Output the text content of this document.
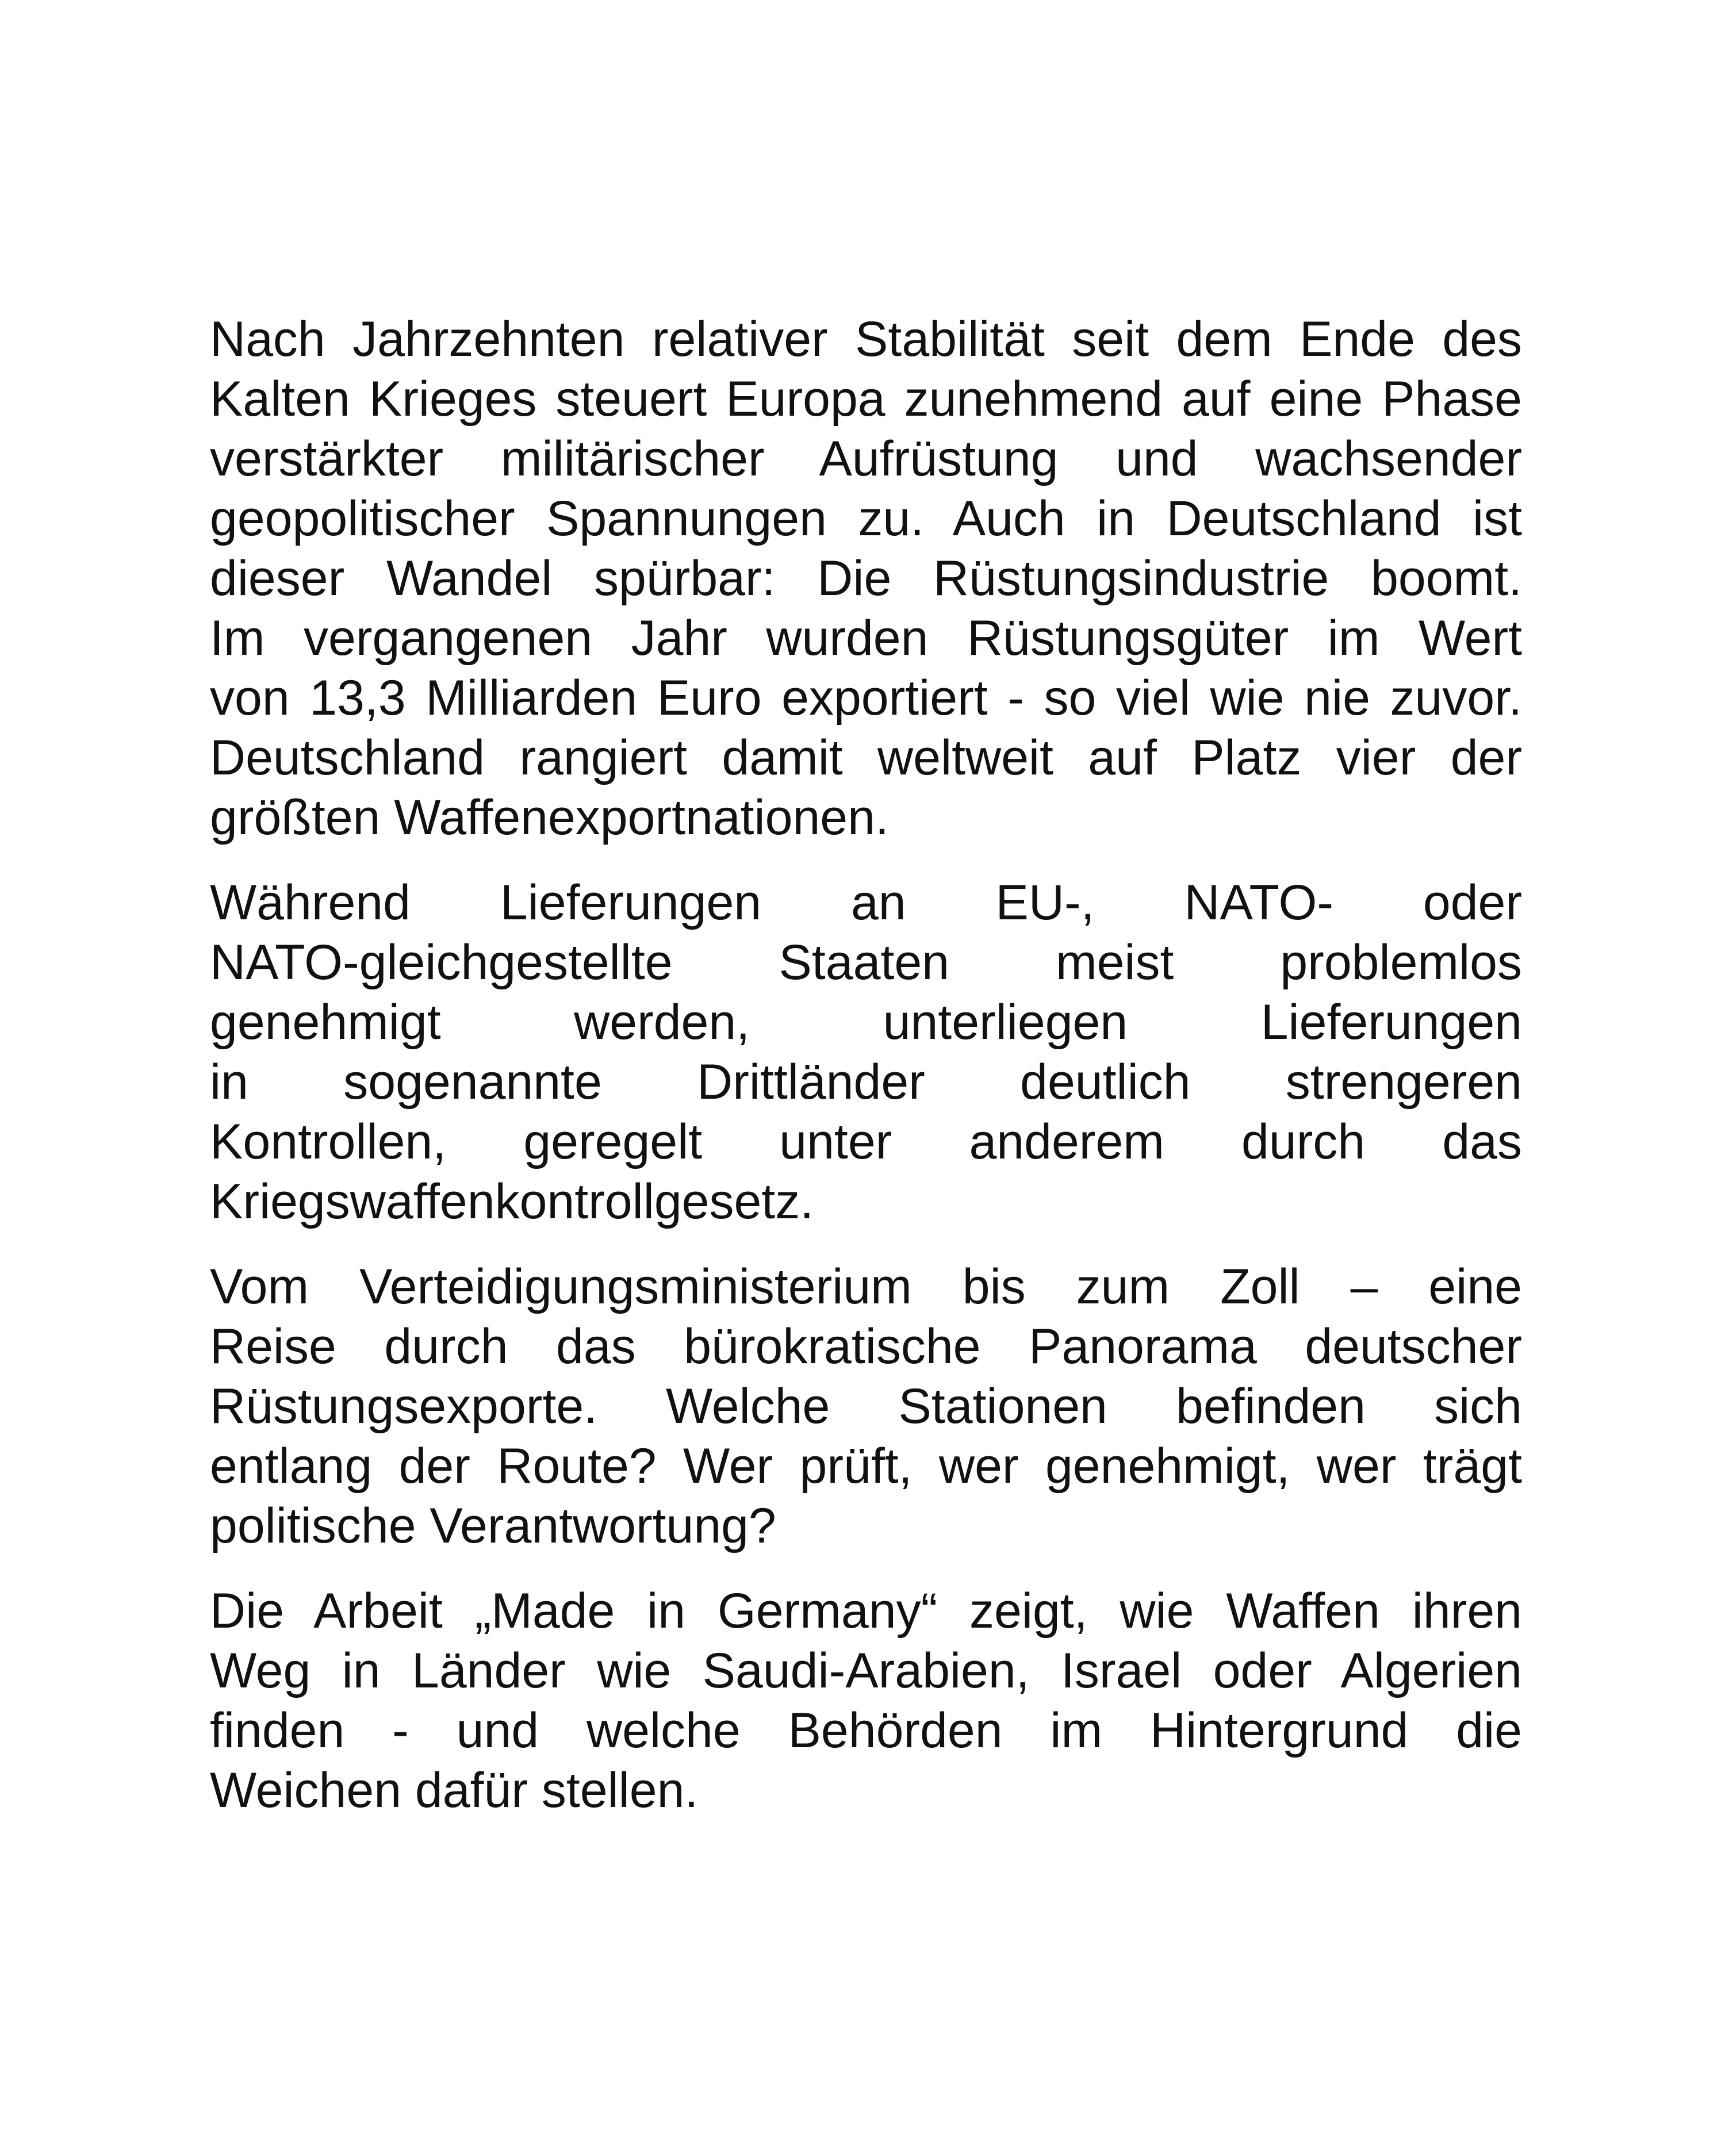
Nach Jahrzehnten relativer Stabilität seit dem Ende des
Kalten Krieges steuert Europa zunehmend auf eine Phase
verstärkter militärischer Aufrüstung und wachsender
geopolitischer Spannungen zu. Auch in Deutschland ist
dieser Wandel spürbar: Die Rüstungsindustrie boomt.
Im vergangenen Jahr wurden Rüstungsgüter im Wert
von 13,3 Milliarden Euro exportiert - so viel wie nie zuvor.
Deutschland rangiert damit weltweit auf Platz vier der
größten Waffenexportnationen.
Während Lieferungen an EU-, NATO- oder
NATO-gleichgestellte Staaten meist problemlos
genehmigt werden, unterliegen Lieferungen
in sogenannte Drittländer deutlich strengeren
Kontrollen, geregelt unter anderem durch das
Kriegswaffenkontrollgesetz.
Vom Verteidigungsministerium bis zum Zoll – eine
Reise durch das bürokratische Panorama deutscher
Rüstungsexporte. Welche Stationen befinden sich
entlang der Route? Wer prüft, wer genehmigt, wer trägt
politische Verantwortung?
Die Arbeit „Made in Germany“ zeigt, wie Waffen ihren
Weg in Länder wie Saudi-Arabien, Israel oder Algerien
finden - und welche Behörden im Hintergrund die
Weichen dafür stellen.
